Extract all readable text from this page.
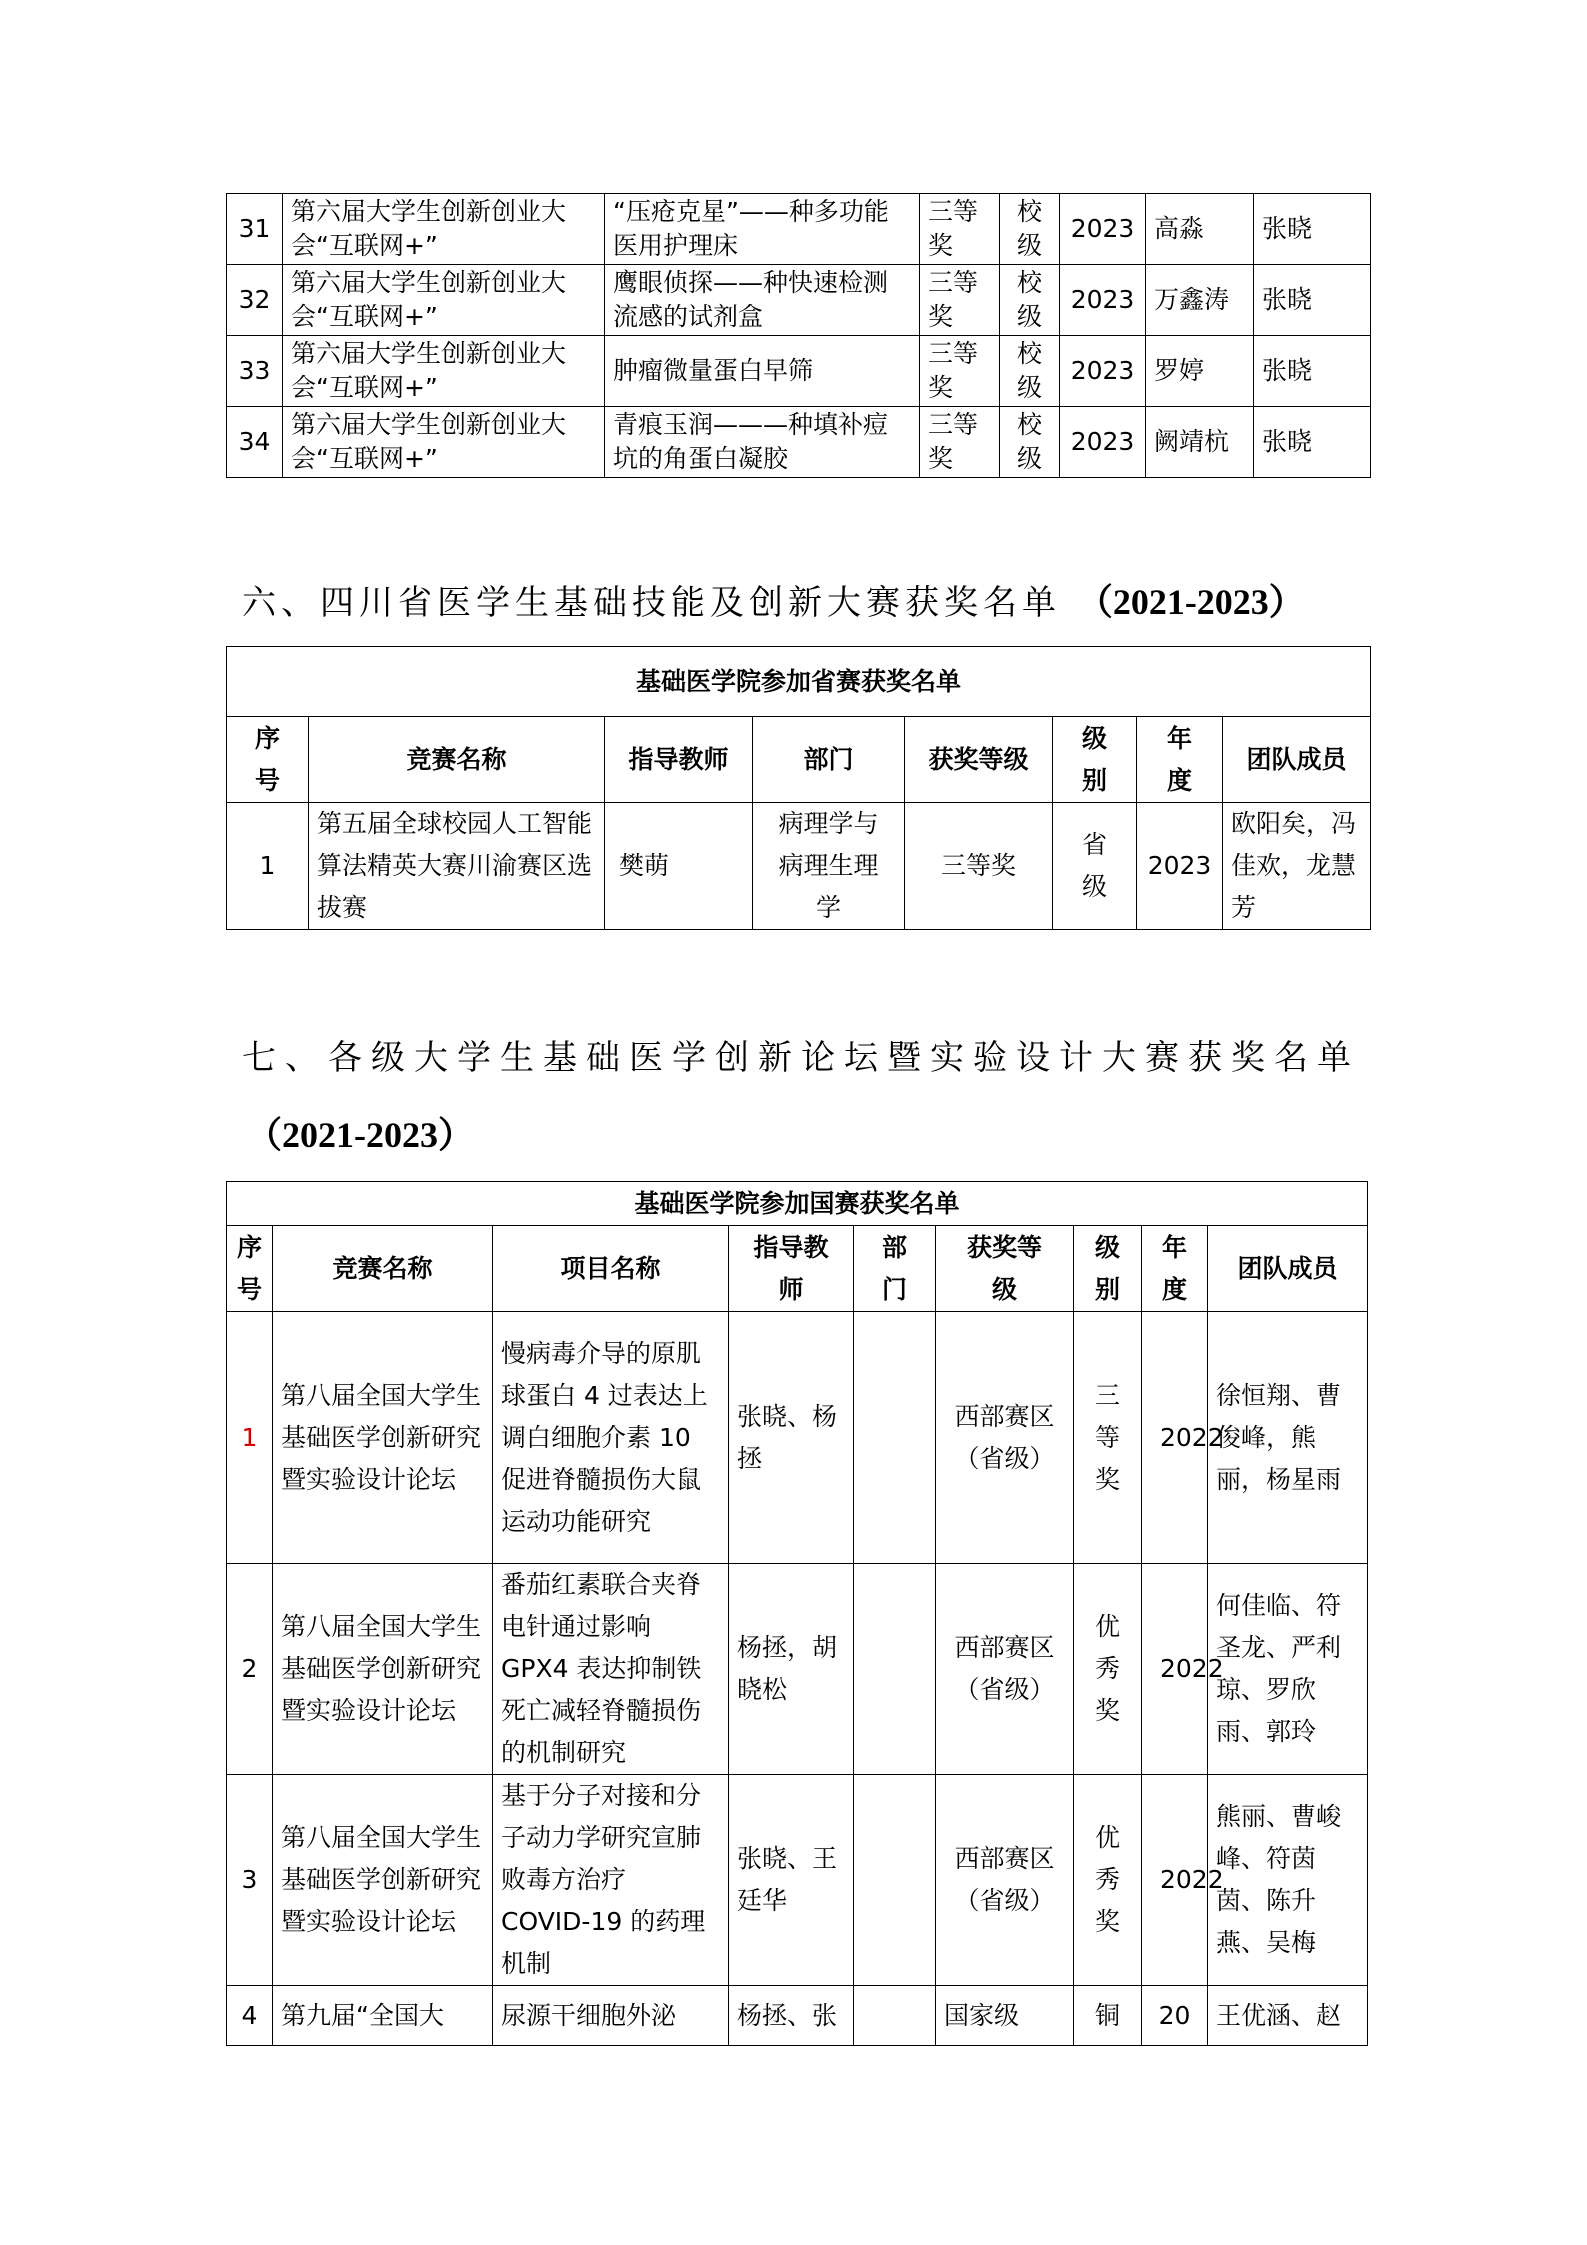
31	第六届大学生创新创业大会“互联网+”	“压疮克星”——种多功能医用护理床	三等奖	校级	2023	高淼	张晓
32	第六届大学生创新创业大会“互联网+”	鹰眼侦探——种快速检测流感的试剂盒	三等奖	校级	2023	万鑫涛	张晓
33	第六届大学生创新创业大会“互联网+”	肿瘤微量蛋白早筛	三等奖	校级	2023	罗婷	张晓
34	第六届大学生创新创业大会“互联网+”	青痕玉润———种填补痘坑的角蛋白凝胶	三等奖	校级	2023	阙靖杭	张晓
六、四川省医学生基础技能及创新大赛获奖名单 （2021-2023）
基础医学院参加省赛获奖名单							
序号	竞赛名称	指导教师	部门	获奖等级	级别	年度	团队成员
1	第五届全球校园人工智能算法精英大赛川渝赛区选拔赛	樊萌	病理学与病理生理学	三等奖	省级	2023	欧阳矣，冯佳欢，龙慧芳
七、各级大学生基础医学创新论坛暨实验设计大赛获奖名单
（2021-2023）
基础医学院参加国赛获奖名单								
序号	竞赛名称	项目名称	指导教师	部门	获奖等级	级别	年度	团队成员
1	第八届全国大学生基础医学创新研究暨实验设计论坛	慢病毒介导的原肌球蛋白 4 过表达上调白细胞介素 10 促进脊髓损伤大鼠运动功能研究	张晓、杨拯		西部赛区（省级）	三等奖	2022	徐恒翔、曹俊峰，熊丽，杨星雨
2	第八届全国大学生基础医学创新研究暨实验设计论坛	番茄红素联合夹脊电针通过影响 GPX4 表达抑制铁死亡减轻脊髓损伤的机制研究	杨拯，胡晓松		西部赛区（省级）	优秀奖	2022	何佳临、符圣龙、严利琼、罗欣雨、郭玲
3	第八届全国大学生基础医学创新研究暨实验设计论坛	基于分子对接和分子动力学研究宣肺败毒方治疗 COVID-19 的药理机制	张晓、王廷华		西部赛区（省级）	优秀奖	2022	熊丽、曹峻峰、符茵茵、陈升燕、吴梅
4	第九届“全国大	尿源干细胞外泌	杨拯、张		国家级	铜	20	王优涵、赵
